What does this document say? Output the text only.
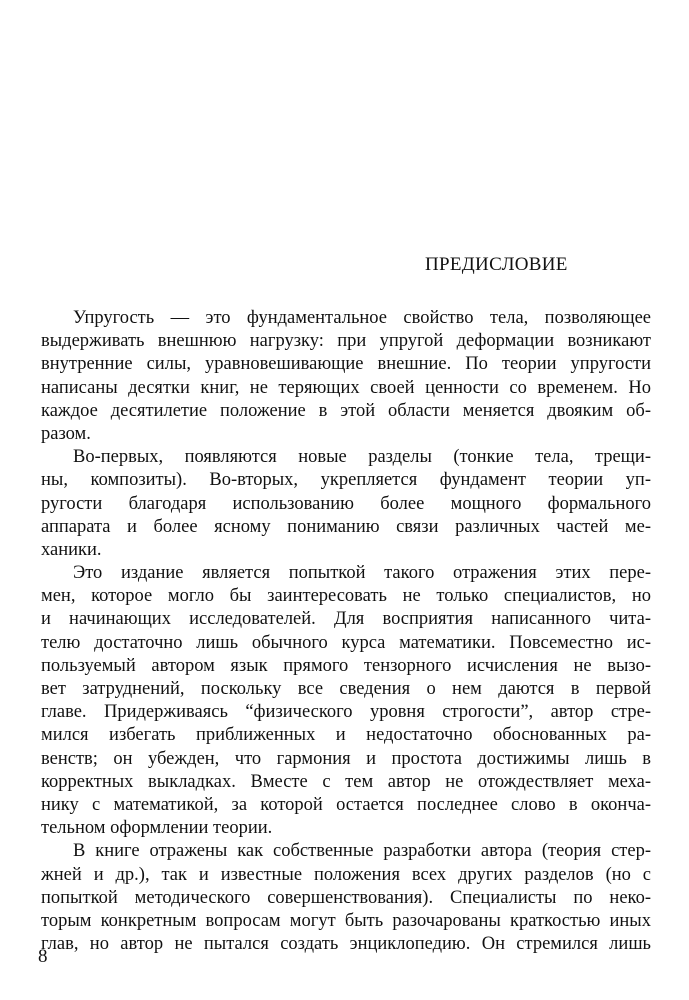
ПРЕДИСЛОВИЕ
Упругость — это фундаментальное свойство тела, позволяющее
выдерживать внешнюю нагрузку: при упругой деформации возникают
внутренние силы, уравновешивающие внешние. По теории упругости
написаны десятки книг, не теряющих своей ценности со временем. Но
каждое десятилетие положение в этой области меняется двояким об-
разом.
Во-первых, появляются новые разделы (тонкие тела, трещи-
ны, композиты). Во-вторых, укрепляется фундамент теории уп-
ругости благодаря использованию более мощного формального
аппарата и более ясному пониманию связи различных частей ме-
ханики.
Это издание является попыткой такого отражения этих пере-
мен, которое могло бы заинтересовать не только специалистов, но
и начинающих исследователей. Для восприятия написанного чита-
телю достаточно лишь обычного курса математики. Повсеместно ис-
пользуемый автором язык прямого тензорного исчисления не вызо-
вет затруднений, поскольку все сведения о нем даются в первой
главе. Придерживаясь “физического уровня строгости”, автор стре-
мился избегать приближенных и недостаточно обоснованных ра-
венств; он убежден, что гармония и простота достижимы лишь в
корректных выкладках. Вместе с тем автор не отождествляет меха-
нику с математикой, за которой остается последнее слово в оконча-
тельном оформлении теории.
В книге отражены как собственные разработки автора (теория стер-
жней и др.), так и известные положения всех других разделов (но с
попыткой методического совершенствования). Специалисты по неко-
торым конкретным вопросам могут быть разочарованы краткостью иных
глав, но автор не пытался создать энциклопедию. Он стремился лишь
8
